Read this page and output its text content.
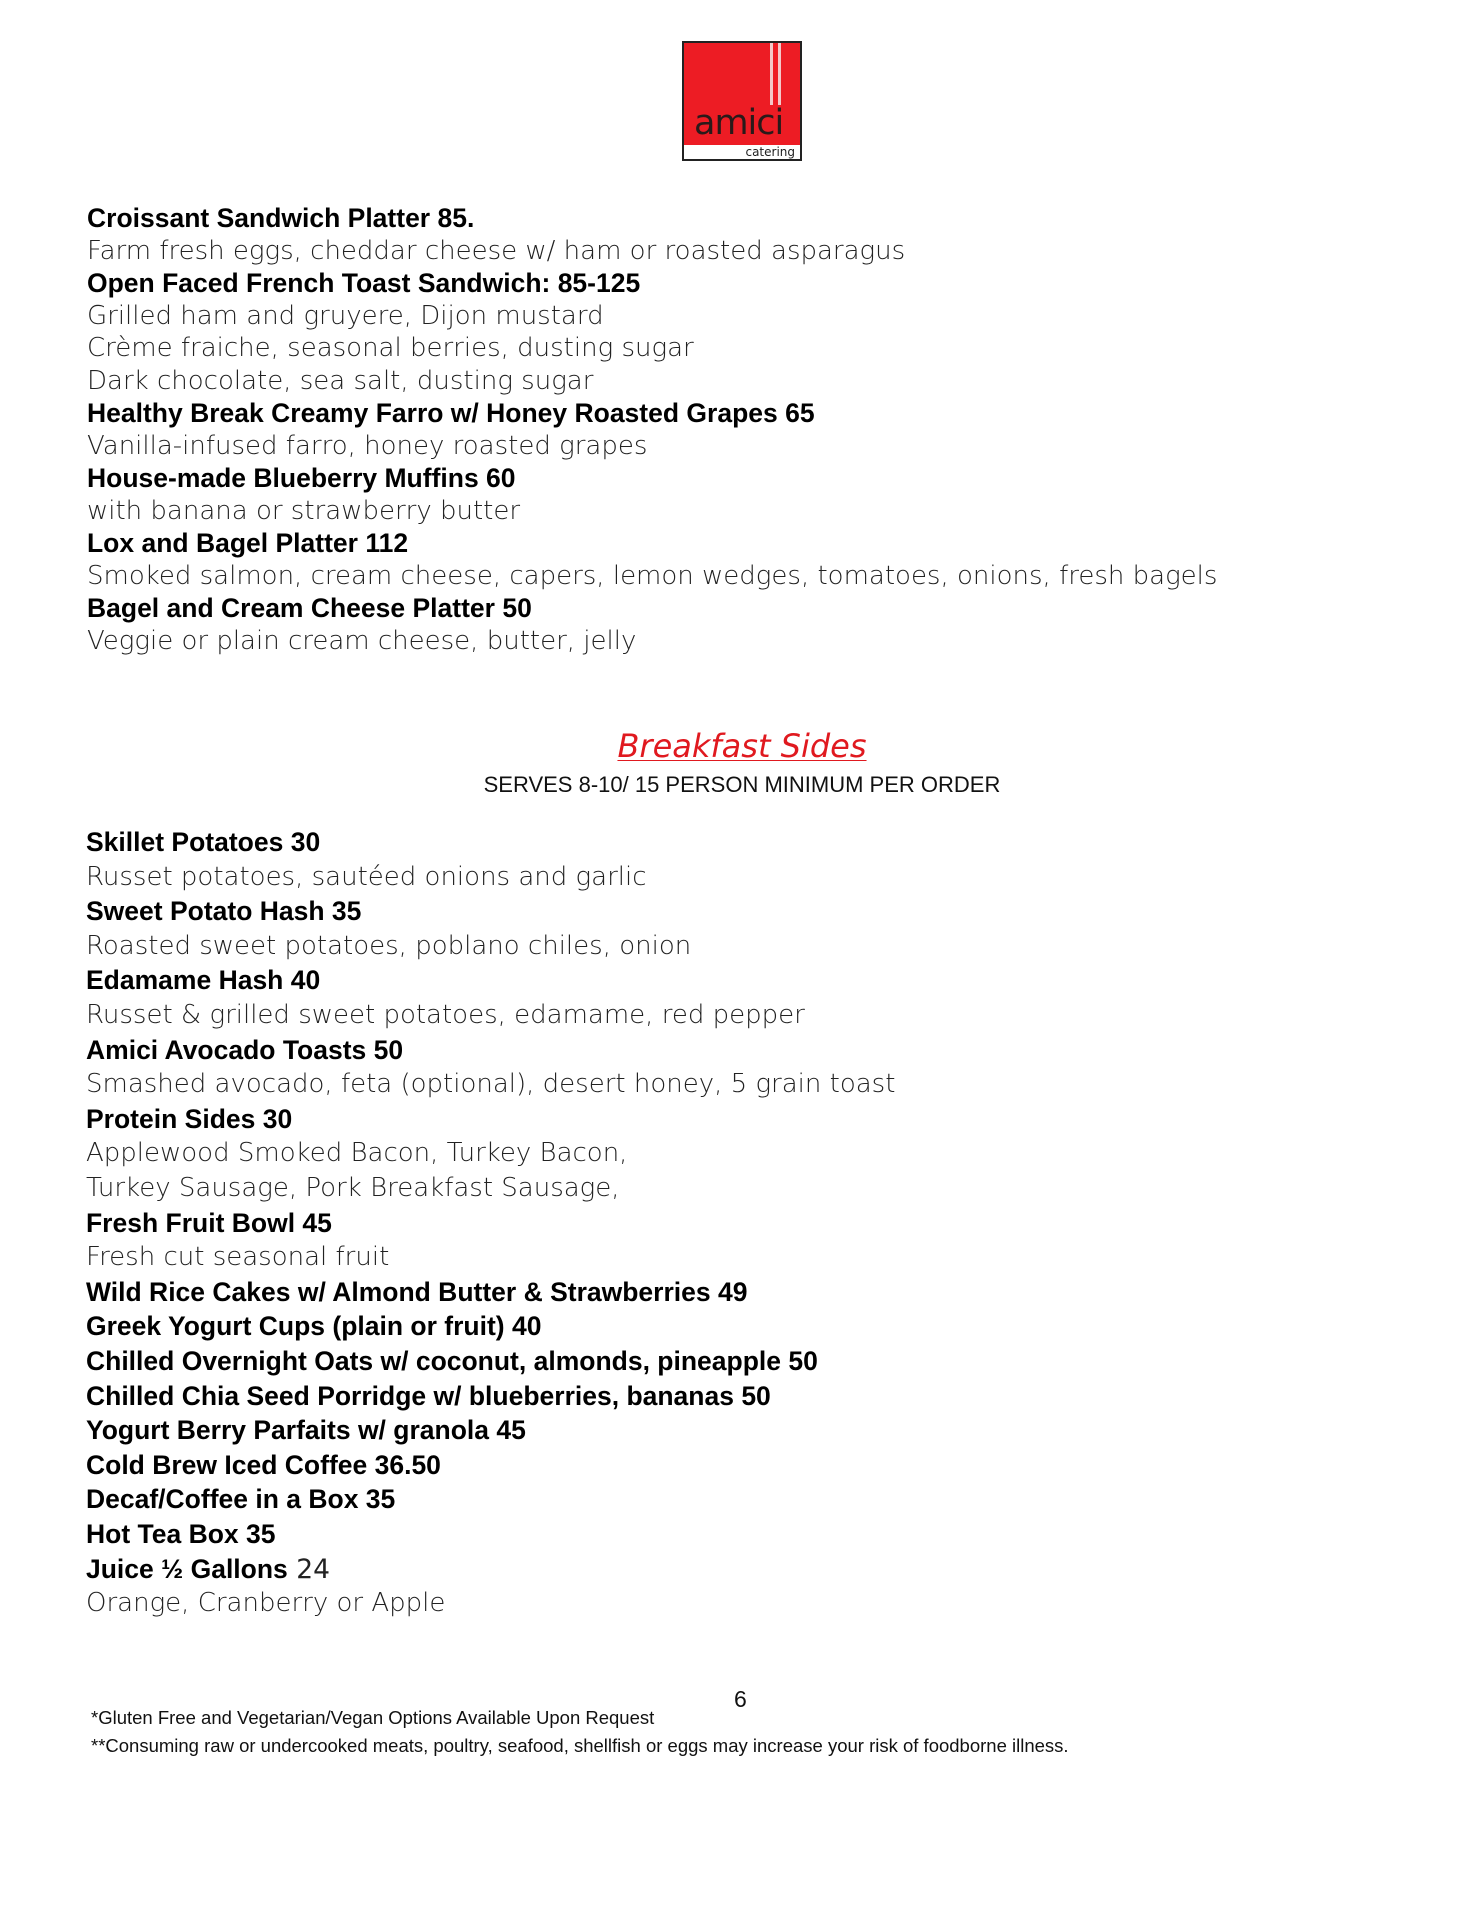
amici
catering
Croissant Sandwich Platter 85.
Farm fresh eggs, cheddar cheese w/ ham or roasted asparagus
Open Faced French Toast Sandwich: 85-125
Grilled ham and gruyere, Dijon mustard
Crème fraiche, seasonal berries, dusting sugar
Dark chocolate, sea salt, dusting sugar
Healthy Break Creamy Farro w/ Honey Roasted Grapes 65
Vanilla-infused farro, honey roasted grapes
House-made Blueberry Muffins 60
with banana or strawberry butter
Lox and Bagel Platter 112
Smoked salmon, cream cheese, capers, lemon wedges, tomatoes, onions, fresh bagels
Bagel and Cream Cheese Platter 50
Veggie or plain cream cheese, butter, jelly
Breakfast Sides
SERVES 8-10/ 15 PERSON MINIMUM PER ORDER
Skillet Potatoes 30
Russet potatoes, sautéed onions and garlic
Sweet Potato Hash 35
Roasted sweet potatoes, poblano chiles, onion
Edamame Hash 40
Russet & grilled sweet potatoes, edamame, red pepper
Amici Avocado Toasts 50
Smashed avocado, feta (optional), desert honey, 5 grain toast
Protein Sides 30
Applewood Smoked Bacon, Turkey Bacon,
Turkey Sausage, Pork Breakfast Sausage,
Fresh Fruit Bowl 45
Fresh cut seasonal fruit
Wild Rice Cakes w/ Almond Butter & Strawberries 49
Greek Yogurt Cups (plain or fruit) 40
Chilled Overnight Oats w/ coconut, almonds, pineapple 50
Chilled Chia Seed Porridge w/ blueberries, bananas 50
Yogurt Berry Parfaits w/ granola 45
Cold Brew Iced Coffee 36.50
Decaf/Coffee in a Box 35
Hot Tea Box 35
Juice ½ Gallons 24
Orange, Cranberry or Apple
6
*Gluten Free and Vegetarian/Vegan Options Available Upon Request
**Consuming raw or undercooked meats, poultry, seafood, shellfish or eggs may increase your risk of foodborne illness.
